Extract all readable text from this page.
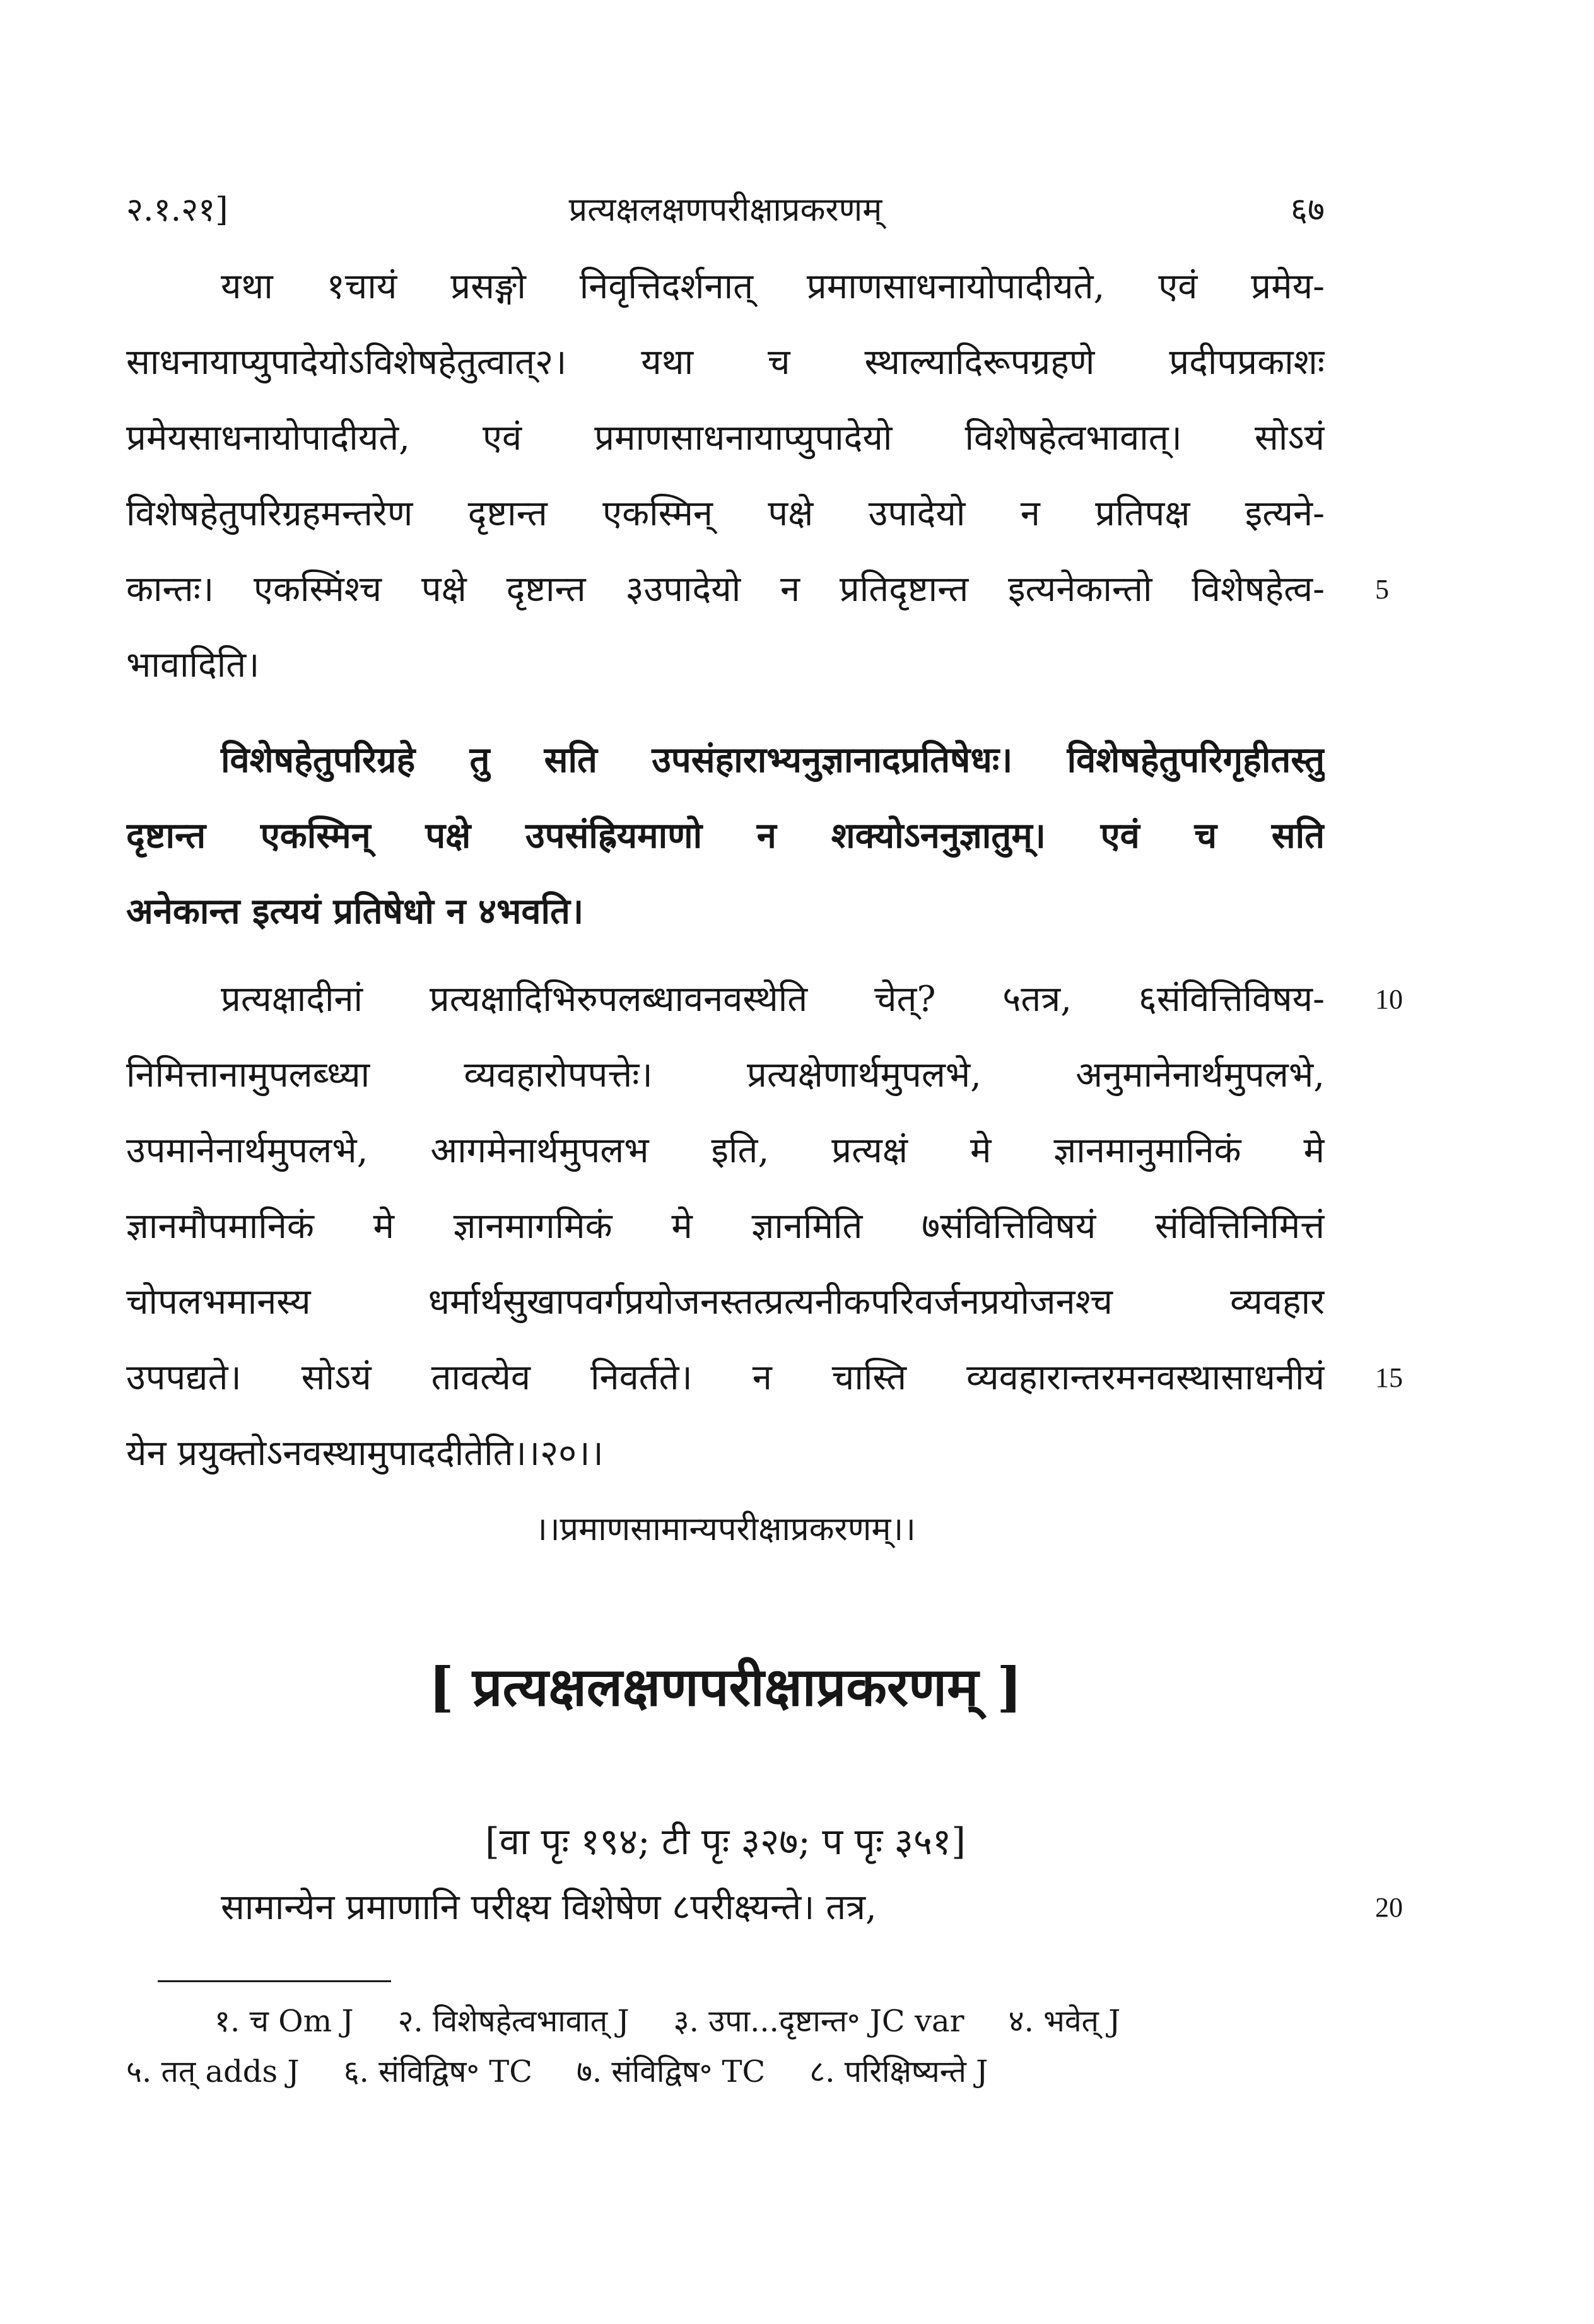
२.१.२१]	प्रत्यक्षलक्षणपरीक्षाप्रकरणम्	६७
यथा १चायं प्रसङ्गो निवृत्तिदर्शनात् प्रमाणसाधनायोपादीयते, एवं प्रमेय-
साधनायाप्युपादेयोऽविशेषहेतुत्वात्२। यथा च स्थाल्यादिरूपग्रहणे प्रदीपप्रकाशः
प्रमेयसाधनायोपादीयते, एवं प्रमाणसाधनायाप्युपादेयो विशेषहेत्वभावात्। सोऽयं
विशेषहेतुपरिग्रहमन्तरेण दृष्टान्त एकस्मिन् पक्षे उपादेयो न प्रतिपक्ष इत्यने-
कान्तः। एकस्मिंश्च पक्षे दृष्टान्त ३उपादेयो न प्रतिदृष्टान्त इत्यनेकान्तो विशेषहेत्व-
भावादिति।
विशेषहेतुपरिग्रहे तु सति उपसंहाराभ्यनुज्ञानादप्रतिषेधः। विशेषहेतुपरिगृहीतस्तु
दृष्टान्त एकस्मिन् पक्षे उपसंह्रियमाणो न शक्योऽननुज्ञातुम्। एवं च सति
अनेकान्त इत्ययं प्रतिषेधो न ४भवति।
प्रत्यक्षादीनां प्रत्यक्षादिभिरुपलब्धावनवस्थेति चेत्? ५तत्र, ६संवित्तिविषय-
निमित्तानामुपलब्ध्या व्यवहारोपपत्तेः। प्रत्यक्षेणार्थमुपलभे, अनुमानेनार्थमुपलभे,
उपमानेनार्थमुपलभे, आगमेनार्थमुपलभ इति, प्रत्यक्षं मे ज्ञानमानुमानिकं मे
ज्ञानमौपमानिकं मे ज्ञानमागमिकं मे ज्ञानमिति ७संवित्तिविषयं संवित्तिनिमित्तं
चोपलभमानस्य धर्मार्थसुखापवर्गप्रयोजनस्तत्प्रत्यनीकपरिवर्जनप्रयोजनश्च व्यवहार
उपपद्यते। सोऽयं तावत्येव निवर्तते। न चास्ति व्यवहारान्तरमनवस्थासाधनीयं
येन प्रयुक्तोऽनवस्थामुपाददीतेति।।२०।।
।।प्रमाणसामान्यपरीक्षाप्रकरणम्।।
5
10
15
20
[ प्रत्यक्षलक्षणपरीक्षाप्रकरणम् ]
[वा पृः १९४; टी पृः ३२७; प पृः ३५१]
सामान्येन प्रमाणानि परीक्ष्य विशेषेण ८परीक्ष्यन्ते। तत्र,
१. च Om J २. विशेषहेत्वभावात् J ३. उपा...दृष्टान्त॰ JC var ४. भवेत् J
५. तत् adds J ६. संविद्विष॰ TC ७. संविद्विष॰ TC ८. परिक्षिष्यन्ते J
